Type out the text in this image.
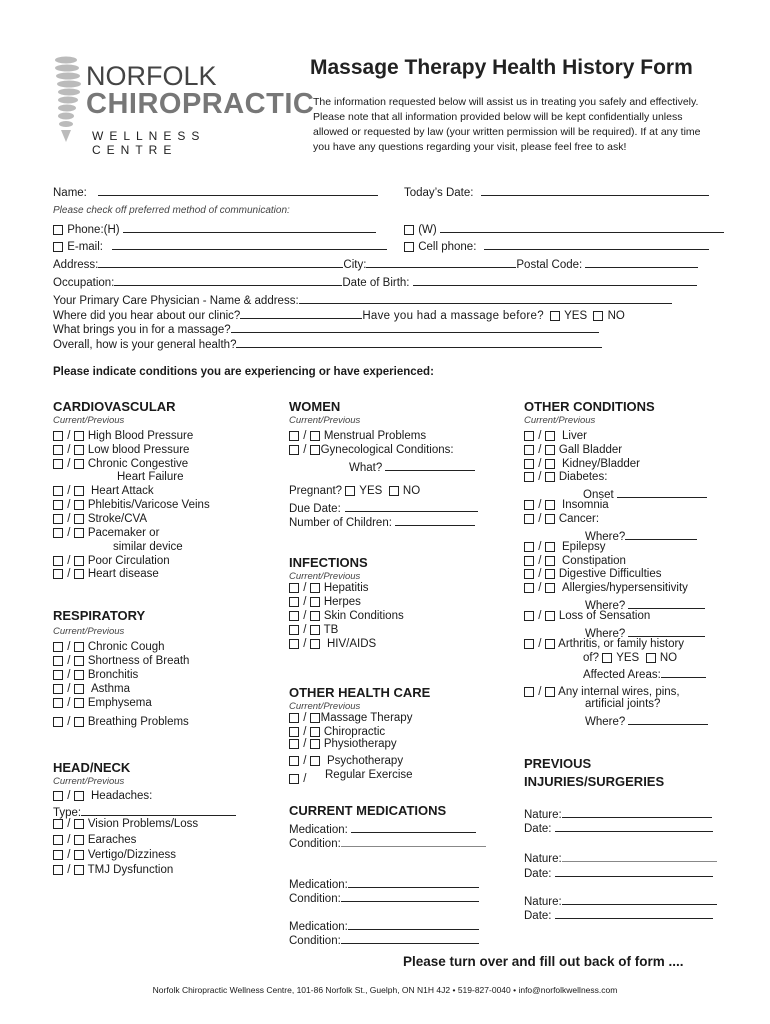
NORFOLK
CHIROPRACTIC
WELLNESS CENTRE
Massage Therapy Health History Form
The information requested below will assist us in treating you safely and effectively.
Please note that all information provided below will be kept confidentially unless
allowed or requested by law (your written permission will be required). If at any time
you have any questions regarding your visit, please feel free to ask!
Name:	Today’s Date:
Please check off preferred method of communication:
Phone:(H)	(W)
E-mail:	Cell phone:
Address:	City:	Postal Code:
Occupation:	Date of Birth:
Your Primary Care Physician - Name & address:
Where did you hear about our clinic?	Have you had a massage before? YES NO
What brings you in for a massage?
Overall, how is your general health?
Please indicate conditions you are experiencing or have experienced:
CARDIOVASCULAR
Current/Previous
/ High Blood Pressure
/ Low blood Pressure
/ Chronic Congestive
Heart Failure
/ Heart Attack
/ Phlebitis/Varicose Veins
/ Stroke/CVA
/ Pacemaker or
similar device
/ Poor Circulation
/ Heart disease
RESPIRATORY
Current/Previous
/ Chronic Cough
/ Shortness of Breath
/ Bronchitis
/ Asthma
/ Emphysema
/ Breathing Problems
HEAD/NECK
Current/Previous
/ Headaches:
Type:
/ Vision Problems/Loss
/ Earaches
/ Vertigo/Dizziness
/ TMJ Dysfunction
WOMEN
Current/Previous
/ Menstrual Problems
/ Gynecological Conditions:
What?
Pregnant? YES NO
Due Date:
Number of Children:
INFECTIONS
Current/Previous
/ Hepatitis
/ Herpes
/ Skin Conditions
/ TB
/ HIV/AIDS
OTHER HEALTH CARE
Current/Previous
/ Massage Therapy
/ Chiropractic
/ Physiotherapy
/ Psychotherapy
/ Regular Exercise
CURRENT MEDICATIONS
Medication:
Condition:
Medication:
Condition:
Medication:
Condition:
OTHER CONDITIONS
Current/Previous
/ Liver
/ Gall Bladder
/ Kidney/Bladder
/ Diabetes:
Onset
/ Insomnia
/ Cancer:
Where?
/ Epilepsy
/ Constipation
/ Digestive Difficulties
/ Allergies/hypersensitivity
Where?
/ Loss of Sensation
Where?
/ Arthritis, or family history
of? YES NO
Affected Areas:
/ Any internal wires, pins,
artificial joints?
Where?
PREVIOUS
INJURIES/SURGERIES
Nature:
Date:
Nature:
Date:
Nature:
Date:
Please turn over and fill out back of form ....
Norfolk Chiropractic Wellness Centre, 101-86 Norfolk St., Guelph, ON N1H 4J2 • 519-827-0040 • info@norfolkwellness.com
